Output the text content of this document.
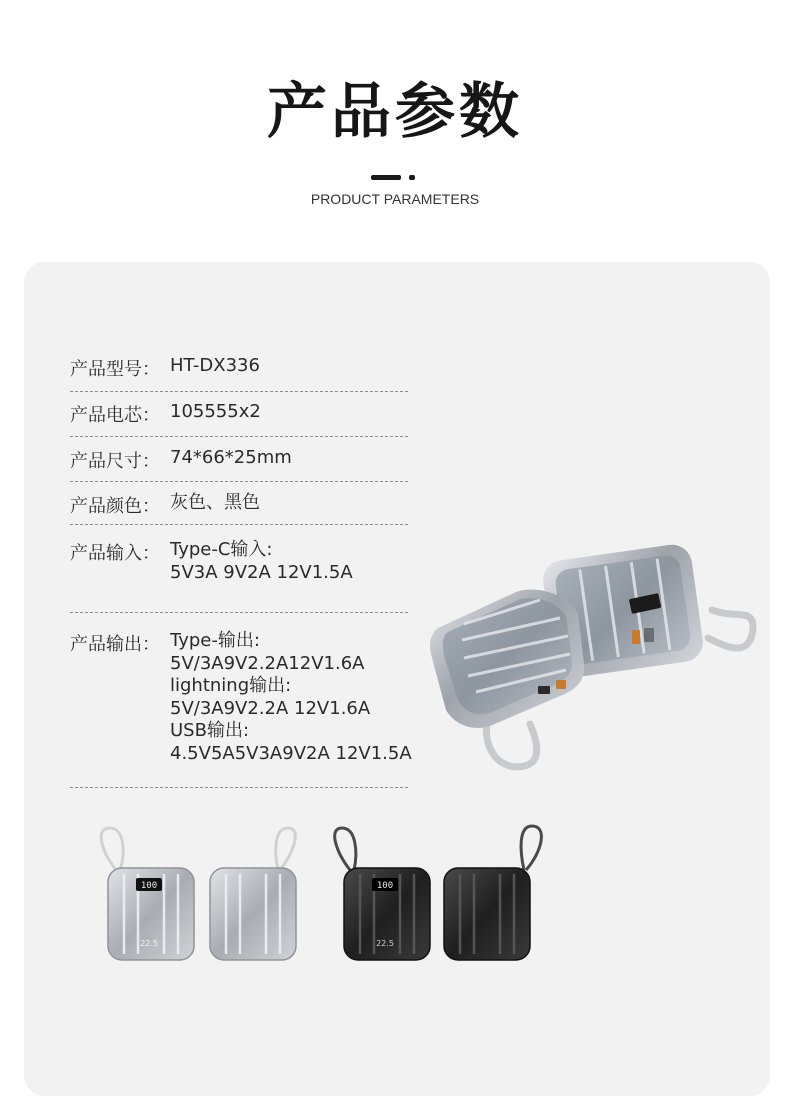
产品参数
PRODUCT PARAMETERS
产品型号： HT-DX336
产品电芯： 105555x2
产品尺寸： 74*66*25mm
产品颜色： 灰色、黑色
产品输入： Type-C输入:
5V3A 9V2A 12V1.5A
产品输出： Type-输出:
5V/3A9V2.2A12V1.6A
lightning输出:
5V/3A9V2.2A 12V1.6A
USB输出:
4.5V5A5V3A9V2A 12V1.5A
100
22.5
100
22.5
